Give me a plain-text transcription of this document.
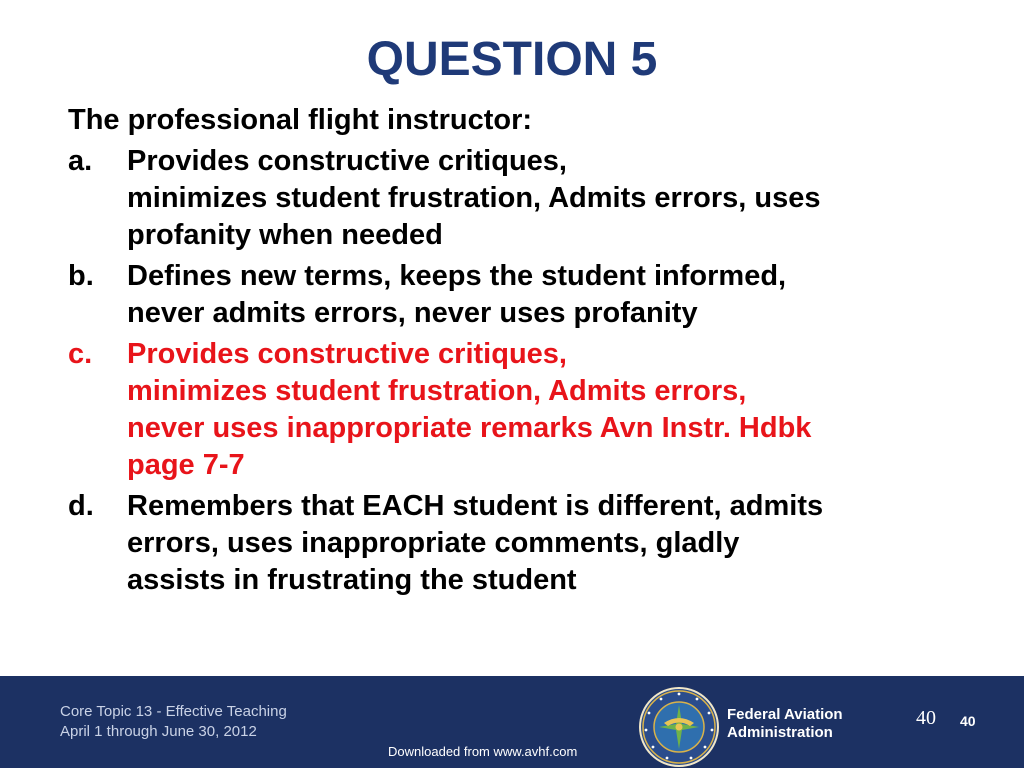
QUESTION 5
The professional flight instructor:
a.	Provides constructive critiques,
minimizes student frustration, Admits errors, uses
profanity when needed
b.	Defines new terms, keeps the student informed,
never admits errors, never uses profanity
c.	Provides constructive critiques,
minimizes student frustration, Admits errors,
never uses inappropriate remarks Avn Instr. Hdbk
page 7-7
d.	Remembers that EACH student is different, admits
errors, uses inappropriate comments, gladly
assists in frustrating the student
Core Topic 13 - Effective Teaching
April 1 through June 30, 2012
Federal Aviation
Administration
40 40
Downloaded from www.avhf.com
